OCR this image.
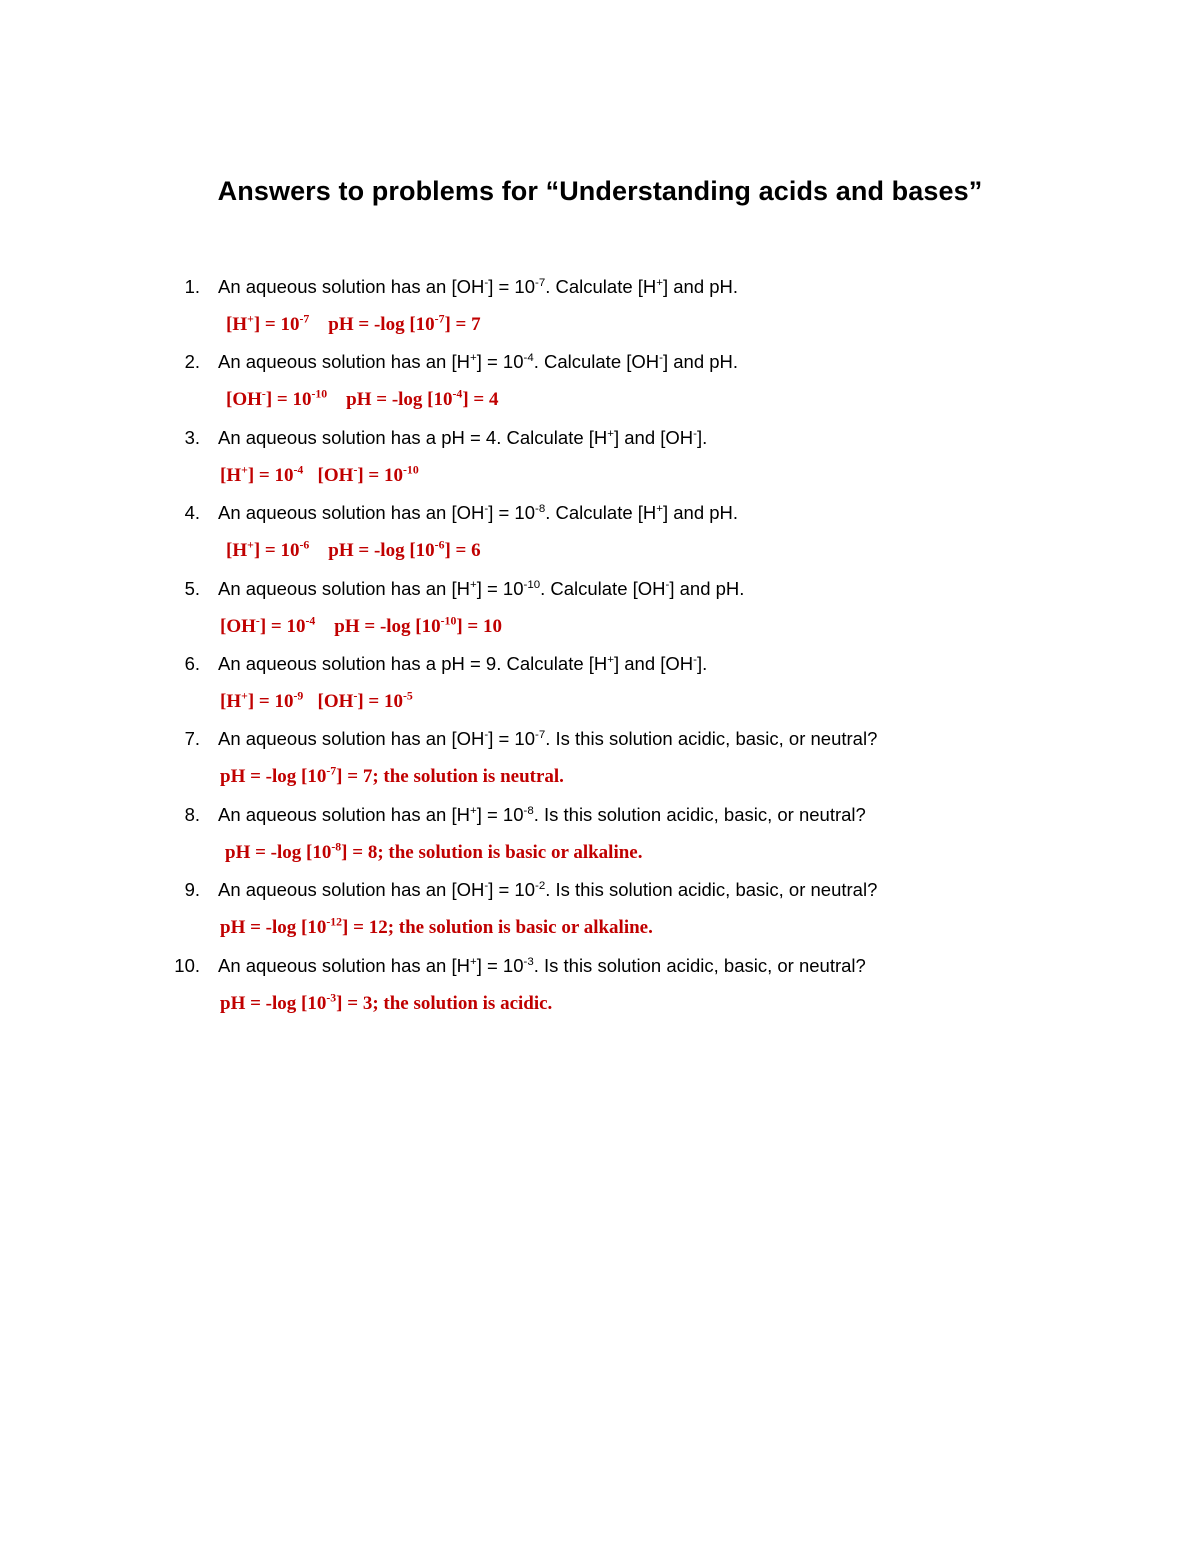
Answers to problems for “Understanding acids and bases”
1. An aqueous solution has an $[OH^-] = 10^{-7}$. Calculate [H+] and pH.
$[H^+] = 10^{-7}$    pH = -log $[10^{-7}] = 7$
2. An aqueous solution has an $[H^+] = 10^{-4}$. Calculate [OH-] and pH.
$[OH^-] = 10^{-10}$    pH = -log $[10^{-4}] = 4$
3. An aqueous solution has a pH = 4. Calculate [H+] and [OH-].
$[H^+] = 10^{-4}$   $[OH^-] = 10^{-10}$
4. An aqueous solution has an $[OH^-] = 10^{-8}$. Calculate [H+] and pH.
$[H^+] = 10^{-6}$    pH = -log $[10^{-6}] = 6$
5. An aqueous solution has an $[H^+] = 10^{-10}$. Calculate [OH-] and pH.
$[OH^-] = 10^{-4}$    pH = -log $[10^{-10}] = 10$
6. An aqueous solution has a pH = 9. Calculate [H+] and [OH-].
$[H^+] = 10^{-9}$   $[OH^-] = 10^{-5}$
7. An aqueous solution has an $[OH^-] = 10^{-7}$. Is this solution acidic, basic, or neutral?
pH = -log $[10^{-7}] = 7$; the solution is neutral.
8. An aqueous solution has an $[H^+] = 10^{-8}$. Is this solution acidic, basic, or neutral?
pH = -log $[10^{-8}] = 8$; the solution is basic or alkaline.
9. An aqueous solution has an $[OH^-] = 10^{-2}$. Is this solution acidic, basic, or neutral?
pH = -log $[10^{-12}] = 12$; the solution is basic or alkaline.
10. An aqueous solution has an $[H^+] = 10^{-3}$. Is this solution acidic, basic, or neutral?
pH = -log $[10^{-3}] = 3$; the solution is acidic.
